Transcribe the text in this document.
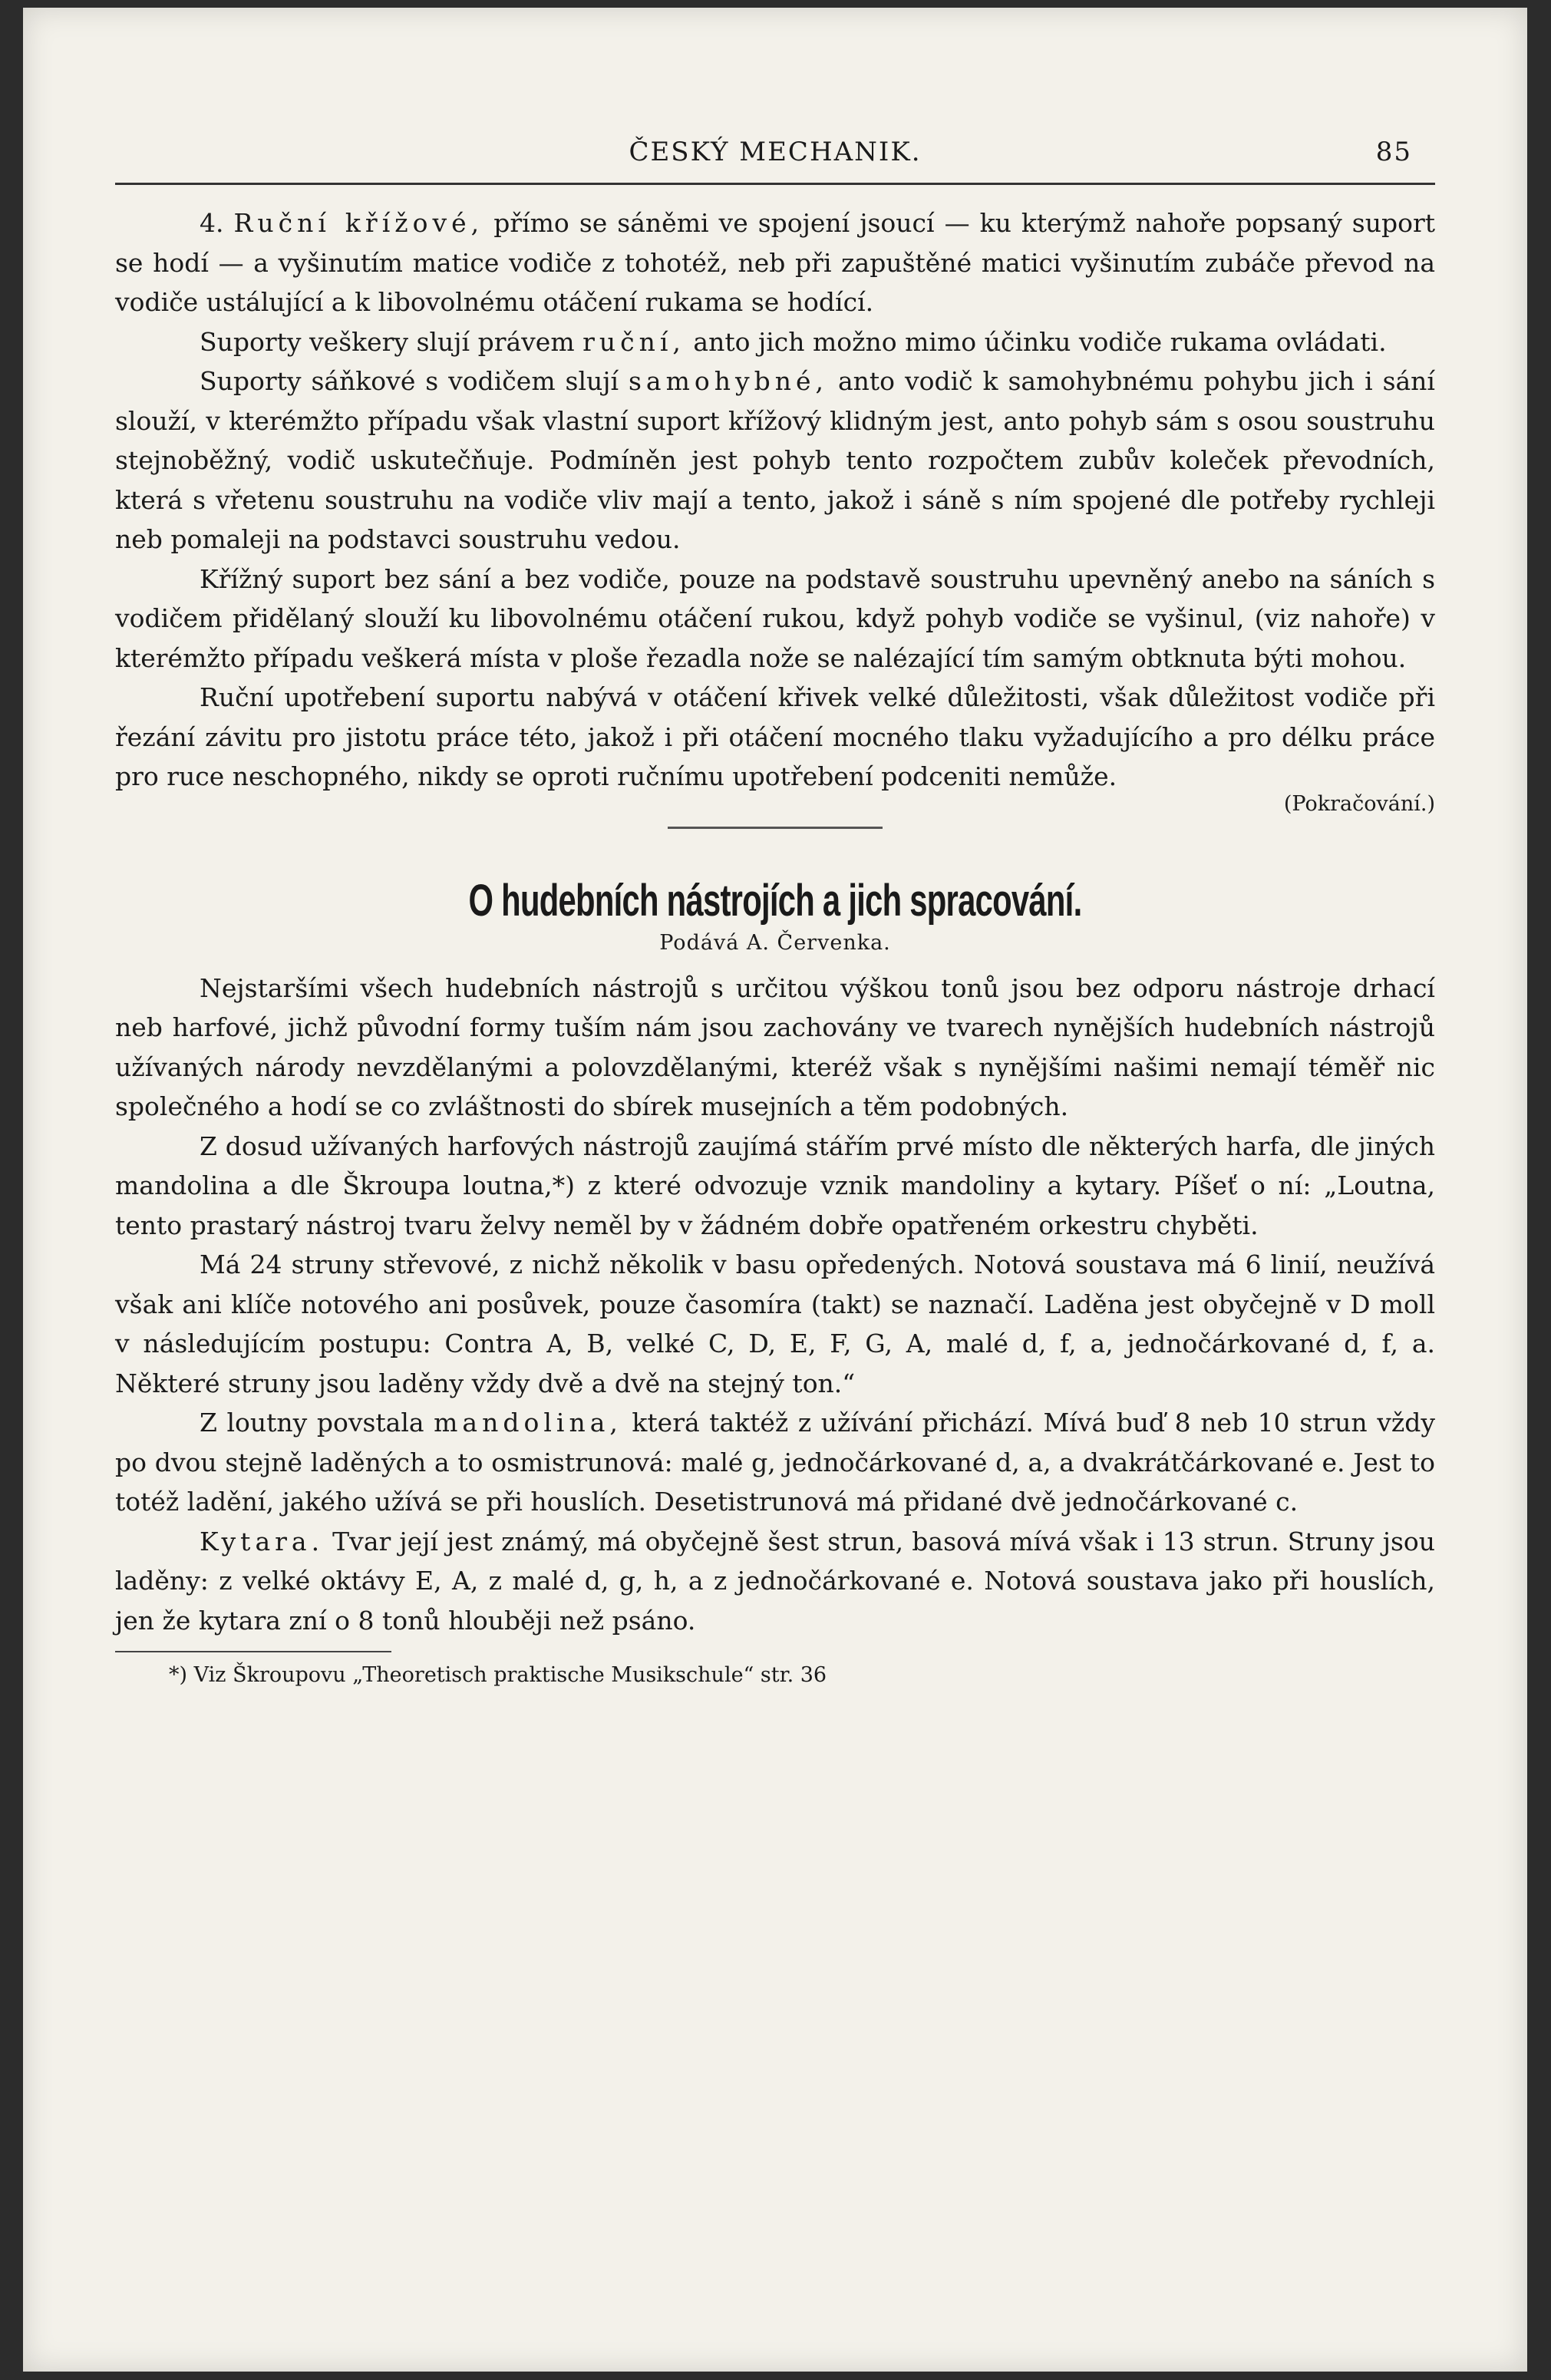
ČESKÝ MECHANIK.	85

4. Ruční křížové, přímo se sáněmi ve spojení jsoucí — ku kterýmž nahoře popsaný suport se hodí — a vyšinutím matice vodiče z tohotéž, neb při zapuštěné matici vyšinutím zubáče převod na vodiče ustálující a k libovolnému otáčení rukama se hodící.

Suporty veškery slují právem ruční, anto jich možno mimo účinku vodiče rukama ovládati.

Suporty sáňkové s vodičem slují samohybné, anto vodič k samohybnému pohybu jich i sání slouží, v kterémžto případu však vlastní suport křížový klidným jest, anto pohyb sám s osou soustruhu stejnoběžný, vodič uskutečňuje. Podmíněn jest pohyb tento rozpočtem zubův koleček převodních, která s vřetenu soustruhu na vodiče vliv mají a tento, jakož i sáně s ním spojené dle potřeby rychleji neb pomaleji na podstavci soustruhu vedou.

Křížný suport bez sání a bez vodiče, pouze na podstavě soustruhu upevněný anebo na sáních s vodičem přidělaný slouží ku libovolnému otáčení rukou, když pohyb vodiče se vyšinul, (viz nahoře) v kterémžto případu veškerá místa v ploše řezadla nože se nalézající tím samým obtknuta býti mohou.

Ruční upotřebení suportu nabývá v otáčení křivek velké důležitosti, však důležitost vodiče při řezání závitu pro jistotu práce této, jakož i při otáčení mocného tlaku vyžadujícího a pro délku práce pro ruce neschopného, nikdy se oproti ručnímu upotřebení podceniti nemůže.

(Pokračování.)
O hudebních nástrojích a jich spracování.
Podává A. Červenka.

Nejstaršími všech hudebních nástrojů s určitou výškou tonů jsou bez odporu nástroje drhací neb harfové, jichž původní formy tuším nám jsou zachovány ve tvarech nynějších hudebních nástrojů užívaných národy nevzdělanými a polovzdělanými, kteréž však s nynějšími našimi nemají téměř nic společného a hodí se co zvláštnosti do sbírek musejních a těm podobných.

Z dosud užívaných harfových nástrojů zaujímá stářím prvé místo dle některých harfa, dle jiných mandolina a dle Škroupa loutna,*) z které odvozuje vznik mandoliny a kytary. Píšeť o ní: „Loutna, tento prastarý nástroj tvaru želvy neměl by v žádném dobře opatřeném orkestru chyběti.

Má 24 struny střevové, z nichž několik v basu opředených. Notová soustava má 6 linií, neužívá však ani klíče notového ani posůvek, pouze časomíra (takt) se naznačí. Laděna jest obyčejně v D moll v následujícím postupu: Contra A, B, velké C, D, E, F, G, A, malé d, f, a, jednočárkované d, f, a. Některé struny jsou laděny vždy dvě a dvě na stejný ton.“

Z loutny povstala mandolina, která taktéž z užívání přichází. Mívá buď 8 neb 10 strun vždy po dvou stejně laděných a to osmistrunová: malé g, jednočárkované d, a, a dvakrátčárkované e. Jest to totéž ladění, jakého užívá se při houslích. Desetistrunová má přidané dvě jednočárkované c.

Kytara. Tvar její jest známý, má obyčejně šest strun, basová mívá však i 13 strun. Struny jsou laděny: z velké oktávy E, A, z malé d, g, h, a z jednočárkované e. Notová soustava jako při houslích, jen že kytara zní o 8 tonů hlouběji než psáno.

*) Viz Škroupovu „Theoretisch praktische Musikschule“ str. 36
